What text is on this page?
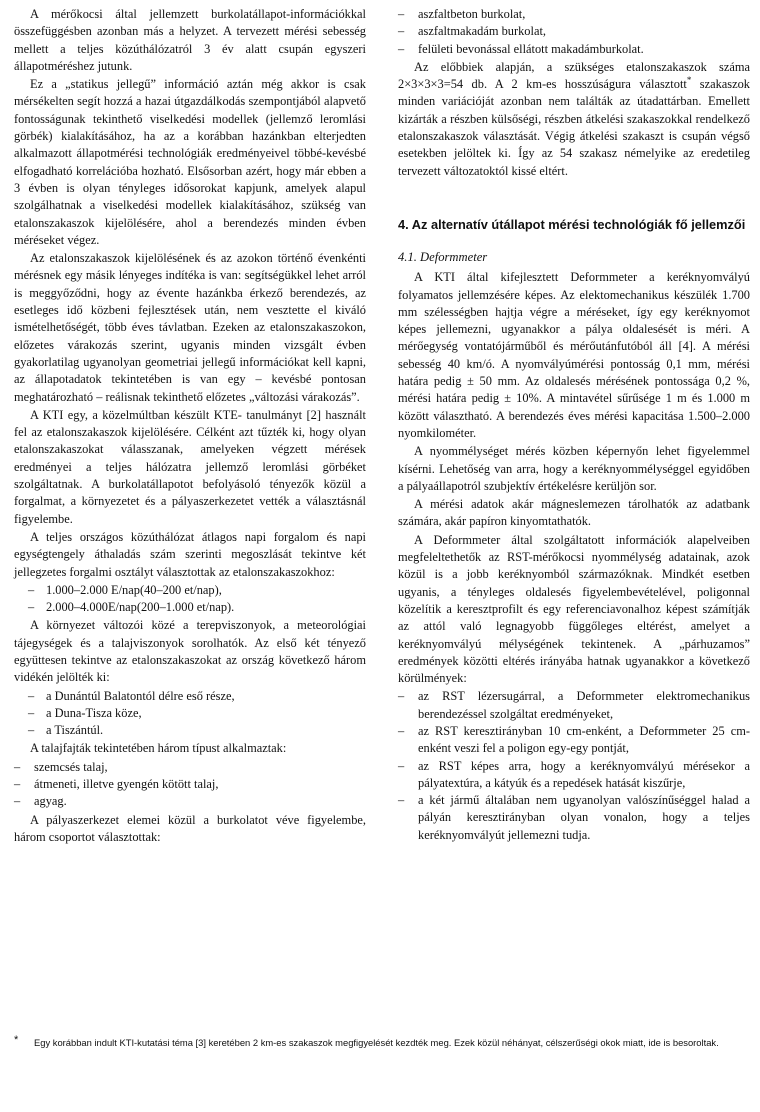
A mérőkocsi által jellemzett burkolatállapot-információkkal összefüggésben azonban más a helyzet. A tervezett mérési sebesség mellett a teljes közúthálózatról 3 év alatt csupán egyszeri állapotméréshez jutunk.

Ez a „statikus jellegű” információ aztán még akkor is csak mérsékelten segít hozzá a hazai útgazdálkodás szempontjából alapvető fontosságunak tekinthető viselkedési modellek (jellemző leromlási görbék) kialakításához, ha az a korábban hazánkban elterjedten alkalmazott állapotmérési technológiák eredményeivel többé-kevésbé elfogadható korrelációba hozható. Elsősorban azért, hogy már ebben a 3 évben is olyan tényleges idősorokat kapjunk, amelyek alapul szolgálhatnak a viselkedési modellek kialakításához, szükség van etalonszakaszok kijelölésére, ahol a berendezés minden évben méréseket végez.

Az etalonszakaszok kijelölésének és az azokon történő évenkénti mérésnek egy másik lényeges indítéka is van: segítségükkel lehet arról is meggyőződni, hogy az évente hazánkba érkező berendezés, az esetleges idő közbeni fejlesztések után, nem vesztette el kiváló ismételhetőségét, több éves távlatban. Ezeken az etalonszakaszokon, előzetes várakozás szerint, ugyanis minden vizsgált évben gyakorlatilag ugyanolyan geometriai jellegű információkat kell kapni, az állapotadatok tekintetében is van egy – kevésbé pontosan meghatározható – reálisnak tekinthető előzetes „változási várakozás”.

A KTI egy, a közelmúltban készült KTE- tanulmányt [2] használt fel az etalonszakaszok kijelölésére. Célként azt tűzték ki, hogy olyan etalonszakaszokat válasszanak, amelyeken végzett mérések eredményei a teljes hálózatra jellemző leromlási görbéket szolgáltatnak. A burkolatállapotot befolyásoló tényezők közül a forgalmat, a környezetet és a pályaszerkezetet vették a választásnál figyelembe.

A teljes országos közúthálózat átlagos napi forgalom és napi egységtengely áthaladás szám szerinti megoszlását tekintve két jellegzetes forgalmi osztályt választottak az etalonszakaszokhoz:

– 1.000–2.000 E/nap(40–200 et/nap),
– 2.000–4.000E/nap(200–1.000 et/nap).

A környezet változói közé a terepviszonyok, a meteorológiai tájegységek és a talajviszonyok sorolhatók. Az első két tényező együttesen tekintve az etalonszakaszokat az ország következő három vidékén jelölték ki:

– a Dunántúl Balatontól délre eső része,
– a Duna-Tisza köze,
– a Tiszántúl.

A talajfajták tekintetében három típust alkalmaztak:

– szemcsés talaj,
– átmeneti, illetve gyengén kötött talaj,
– agyag.

A pályaszerkezet elemei közül a burkolatot véve figyelembe, három csoportot választottak:

– aszfaltbeton burkolat,
– aszfaltmakadám burkolat,
– felületi bevonással ellátott makadámburkolat.

Az előbbiek alapján, a szükséges etalonszakaszok száma 2×3×3×3=54 db. A 2 km-es hosszúságura választott* szakaszok minden variációját azonban nem találták az útadattárban. Emellett kizárták a részben külsőségi, részben átkelési szakaszokkal rendelkező etalonszakaszok választását. Végig átkelési szakaszt is csupán végső esetekben jelöltek ki. Így az 54 szakasz némelyike az eredetileg tervezett változatoktól kissé eltért.

4. Az alternatív útállapot mérési technológiák fő jellemzői
4.1. Deformmeter

A KTI által kifejlesztett Deformmeter a keréknyomvályú folyamatos jellemzésére képes. Az elektomechanikus készülék 1.700 mm szélességben hajtja végre a méréseket, így egy keréknyomot képes jellemezni, ugyanakkor a pálya oldalesését is méri. A mérőegység vontatójárműből és mérőutánfutóból áll [4]. A mérési sebesség 40 km/ó. A nyomvályúmérési pontosság 0,1 mm, mérési határa pedig ± 50 mm. Az oldalesés mérésének pontossága 0,2 %, mérési határa pedig ± 10%. A mintavétel sűrűsége 1 m és 1.000 m között választható. A berendezés éves mérési kapacitása 1.500–2.000 nyomkilométer.

A nyommélységet mérés közben képernyőn lehet figyelemmel kísérni. Lehetőség van arra, hogy a keréknyommélységgel egyidőben a pályaállapotról szubjektív értékelésre kerüljön sor.

A mérési adatok akár mágneslemezen tárolhatók az adatbank számára, akár papíron kinyomtathatók.

A Deformmeter által szolgáltatott információk alapelveiben megfeleltethetők az RST-mérőkocsi nyommélység adatainak, azok közül is a jobb keréknyomból származóknak. Mindkét esetben ugyanis, a tényleges oldalesés figyelembevételével, poligonnal közelítik a keresztprofilt és egy referenciavonalhoz képest számítják az attól való legnagyobb függőleges eltérést, amelyet a keréknyomvályú mélységének tekintenek. A „párhuzamos” eredmények közötti eltérés irányába hatnak ugyanakkor a következő körülmények:

– az RST lézersugárral, a Deformmeter elektromechanikus berendezéssel szolgáltat eredményeket,
– az RST keresztirányban 10 cm-enként, a Deformmeter 25 cm-enként veszi fel a poligon egy-egy pontját,
– az RST képes arra, hogy a keréknyomvályú mérésekor a pályatextúra, a kátyúk és a repedések hatását kiszűrje,
– a két jármű általában nem ugyanolyan valószínűséggel halad a pályán keresztirányban olyan vonalon, hogy a teljes keréknyomvályút jellemezni tudja.
*	Egy korábban indult KTI-kutatási téma [3] keretében 2 km-es szakaszok megfigyelését kezdték meg. Ezek közül néhányat, célszerűségi okok miatt, ide is besoroltak.
